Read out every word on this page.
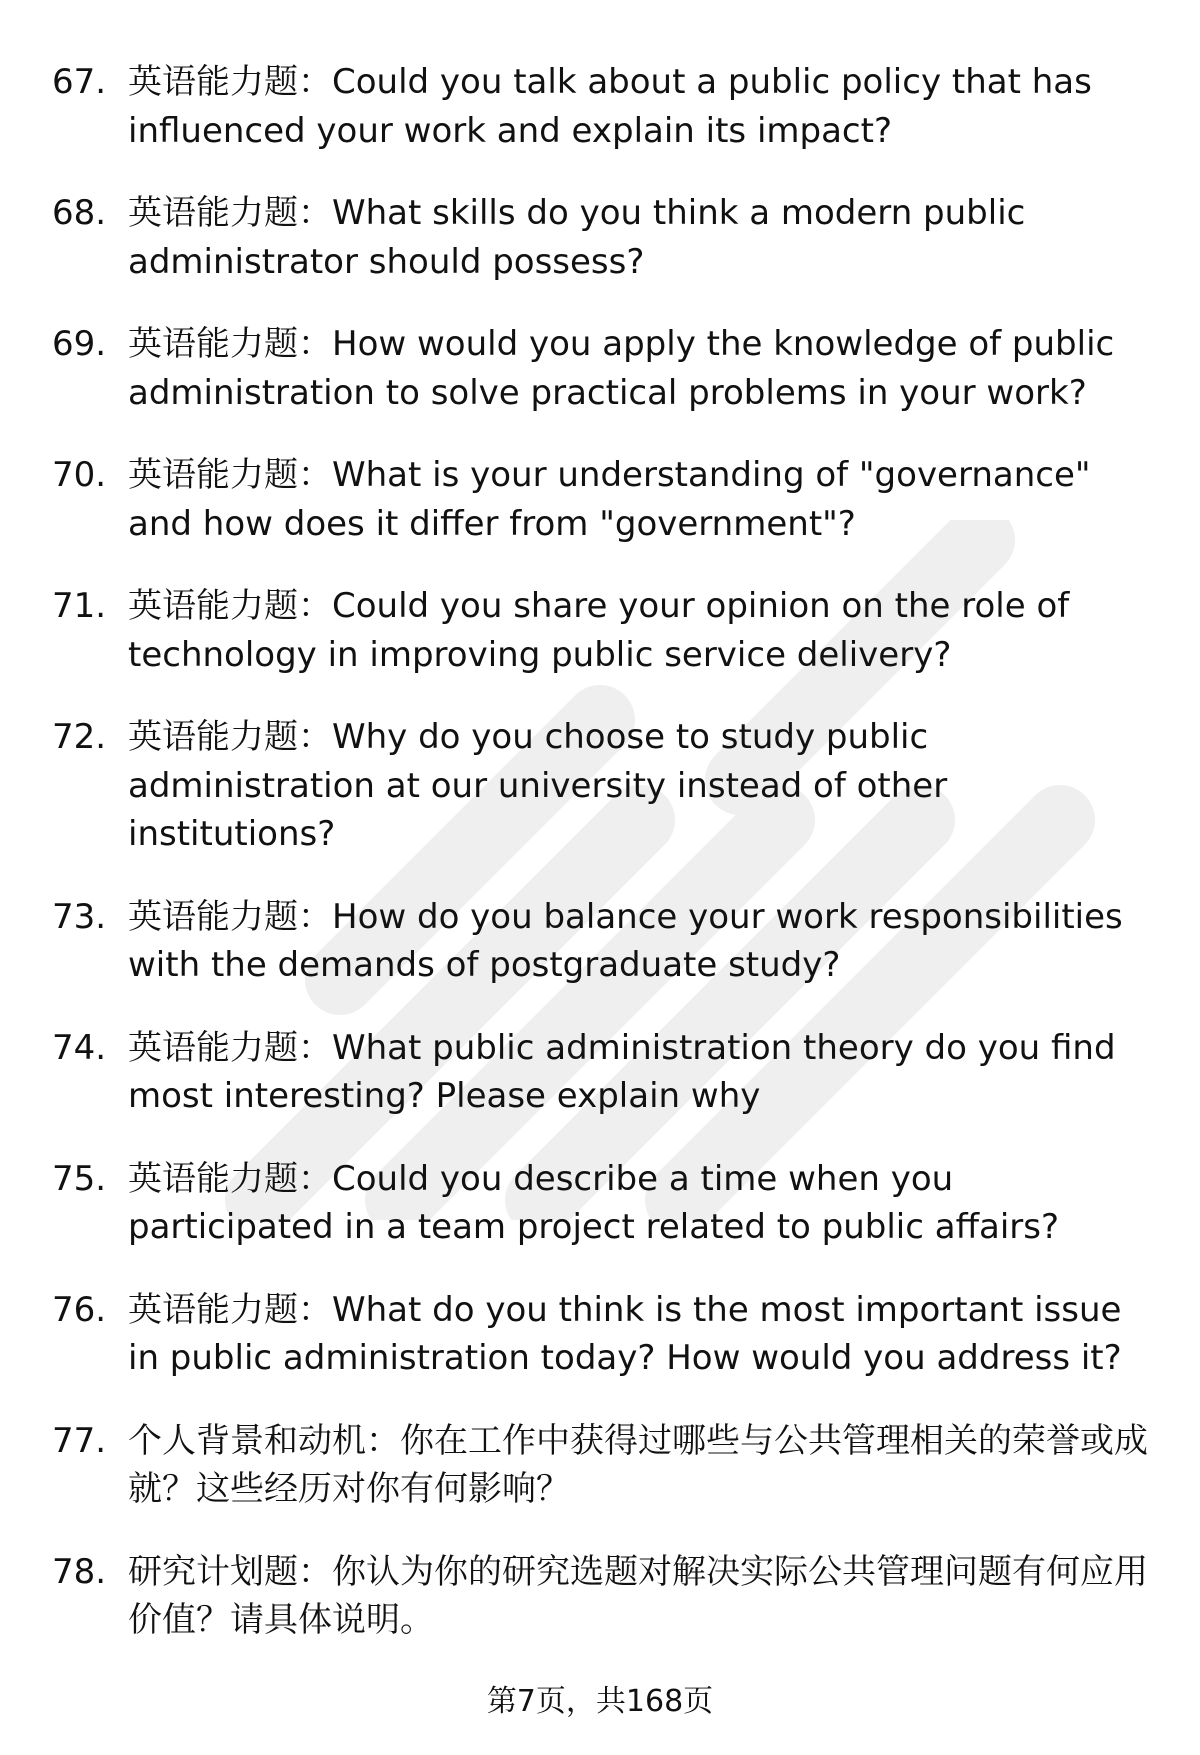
67. 英语能力题：Could you talk about a public policy that has influenced your work and explain its impact?
68. 英语能力题：What skills do you think a modern public administrator should possess?
69. 英语能力题：How would you apply the knowledge of public administration to solve practical problems in your work?
70. 英语能力题：What is your understanding of "governance" and how does it differ from "government"?
71. 英语能力题：Could you share your opinion on the role of technology in improving public service delivery?
72. 英语能力题：Why do you choose to study public administration at our university instead of other institutions?
73. 英语能力题：How do you balance your work responsibilities with the demands of postgraduate study?
74. 英语能力题：What public administration theory do you find most interesting? Please explain why
75. 英语能力题：Could you describe a time when you participated in a team project related to public affairs?
76. 英语能力题：What do you think is the most important issue in public administration today? How would you address it?
77. 个人背景和动机：你在工作中获得过哪些与公共管理相关的荣誉或成就？这些经历对你有何影响？
78. 研究计划题：你认为你的研究选题对解决实际公共管理问题有何应用价值？请具体说明。
第7页，共168页
